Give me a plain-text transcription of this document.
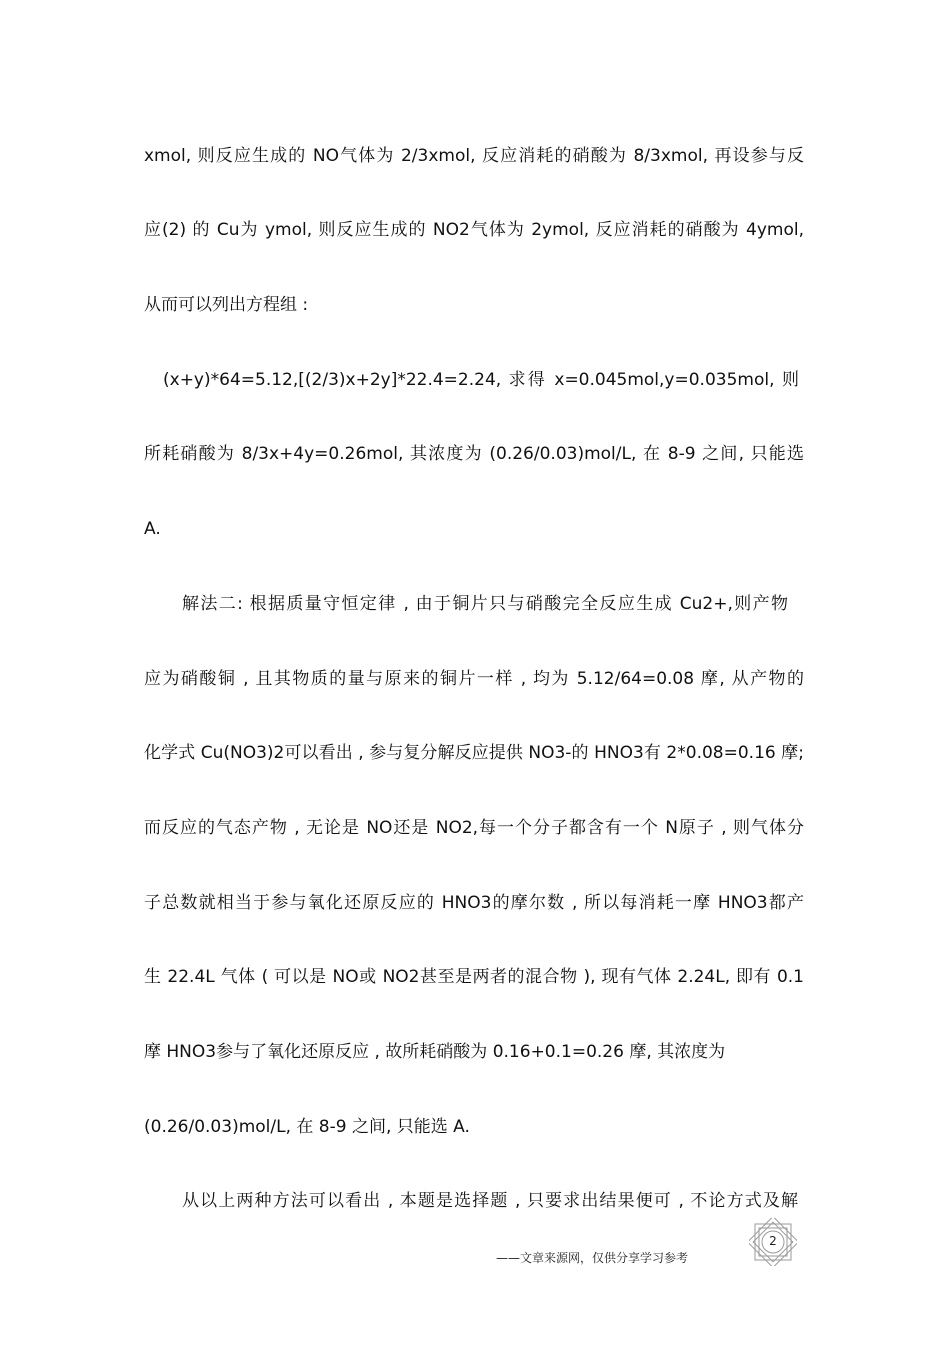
xmol, 则反应生成的 NO气体为 2/3xmol, 反应消耗的硝酸为 8/3xmol, 再设参与反
应(2) 的 Cu为 ymol, 则反应生成的 NO2气体为 2ymol, 反应消耗的硝酸为 4ymol,
从而可以列出方程组 :
(x+y)*64=5.12,[(2/3)x+2y]*22.4=2.24, 求得 x=0.045mol,y=0.035mol, 则
所耗硝酸为 8/3x+4y=0.26mol, 其浓度为 (0.26/0.03)mol/L, 在 8-9 之间, 只能选
A.
解法二: 根据质量守恒定律 , 由于铜片只与硝酸完全反应生成 Cu2+,则产物
应为硝酸铜 , 且其物质的量与原来的铜片一样 , 均为 5.12/64=0.08 摩, 从产物的
化学式 Cu(NO3)2可以看出 , 参与复分解反应提供 NO3-的 HNO3有 2*0.08=0.16 摩;
而反应的气态产物 , 无论是 NO还是 NO2,每一个分子都含有一个 N原子 , 则气体分
子总数就相当于参与氧化还原反应的 HNO3的摩尔数 , 所以每消耗一摩 HNO3都产
生 22.4L 气体 ( 可以是 NO或 NO2甚至是两者的混合物 ), 现有气体 2.24L, 即有 0.1
摩 HNO3参与了氧化还原反应 , 故所耗硝酸为 0.16+0.1=0.26 摩, 其浓度为
(0.26/0.03)mol/L, 在 8-9 之间, 只能选 A.
从以上两种方法可以看出 , 本题是选择题 , 只要求出结果便可 , 不论方式及解
——文章来源网，仅供分享学习参考
2
